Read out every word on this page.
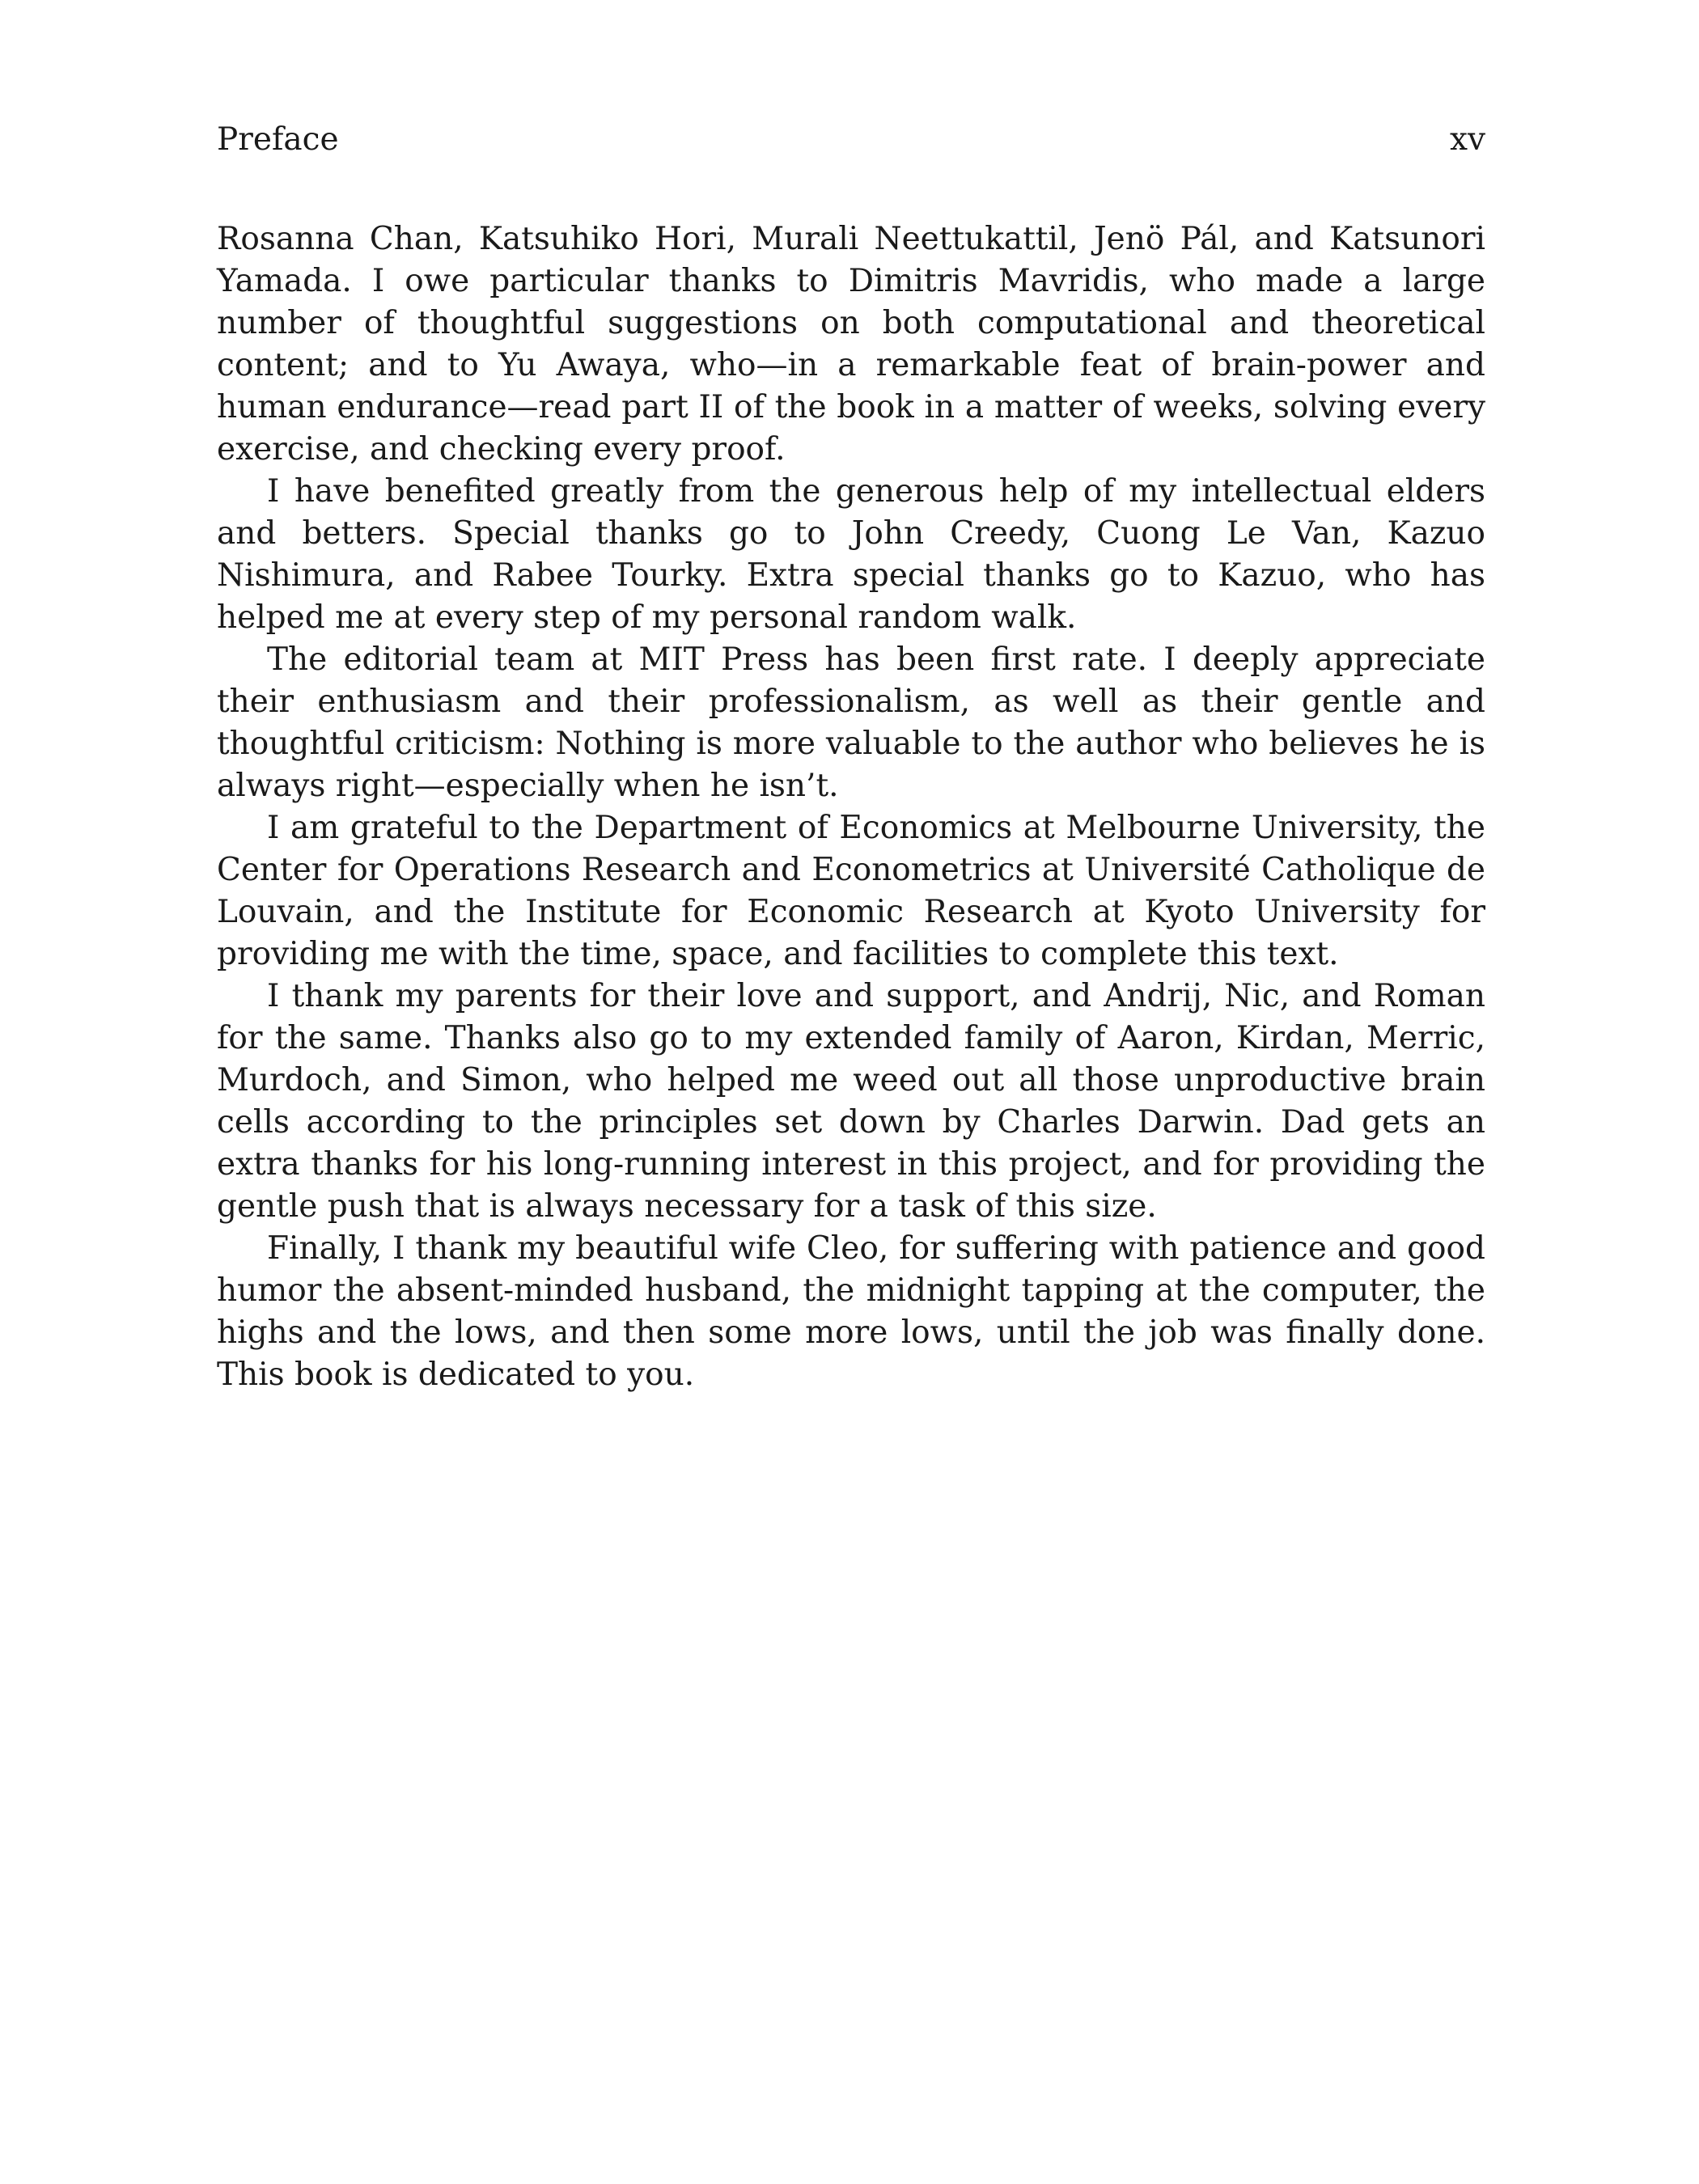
Preface	xv

Rosanna Chan, Katsuhiko Hori, Murali Neettukattil, Jenö Pál, and Katsunori Yamada. I owe particular thanks to Dimitris Mavridis, who made a large number of thoughtful suggestions on both computational and theoretical content; and to Yu Awaya, who—in a remarkable feat of brain-power and human endurance—read part II of the book in a matter of weeks, solving every exercise, and checking every proof.

I have benefited greatly from the generous help of my intellectual elders and betters. Special thanks go to John Creedy, Cuong Le Van, Kazuo Nishimura, and Rabee Tourky. Extra special thanks go to Kazuo, who has helped me at every step of my personal random walk.

The editorial team at MIT Press has been first rate. I deeply appreciate their enthusiasm and their professionalism, as well as their gentle and thoughtful criticism: Nothing is more valuable to the author who believes he is always right—especially when he isn’t.

I am grateful to the Department of Economics at Melbourne University, the Center for Operations Research and Econometrics at Université Catholique de Louvain, and the Institute for Economic Research at Kyoto University for providing me with the time, space, and facilities to complete this text.

I thank my parents for their love and support, and Andrij, Nic, and Roman for the same. Thanks also go to my extended family of Aaron, Kirdan, Merric, Murdoch, and Simon, who helped me weed out all those unproductive brain cells according to the principles set down by Charles Darwin. Dad gets an extra thanks for his long-running interest in this project, and for providing the gentle push that is always necessary for a task of this size.

Finally, I thank my beautiful wife Cleo, for suffering with patience and good humor the absent-minded husband, the midnight tapping at the computer, the highs and the lows, and then some more lows, until the job was finally done. This book is dedicated to you.
